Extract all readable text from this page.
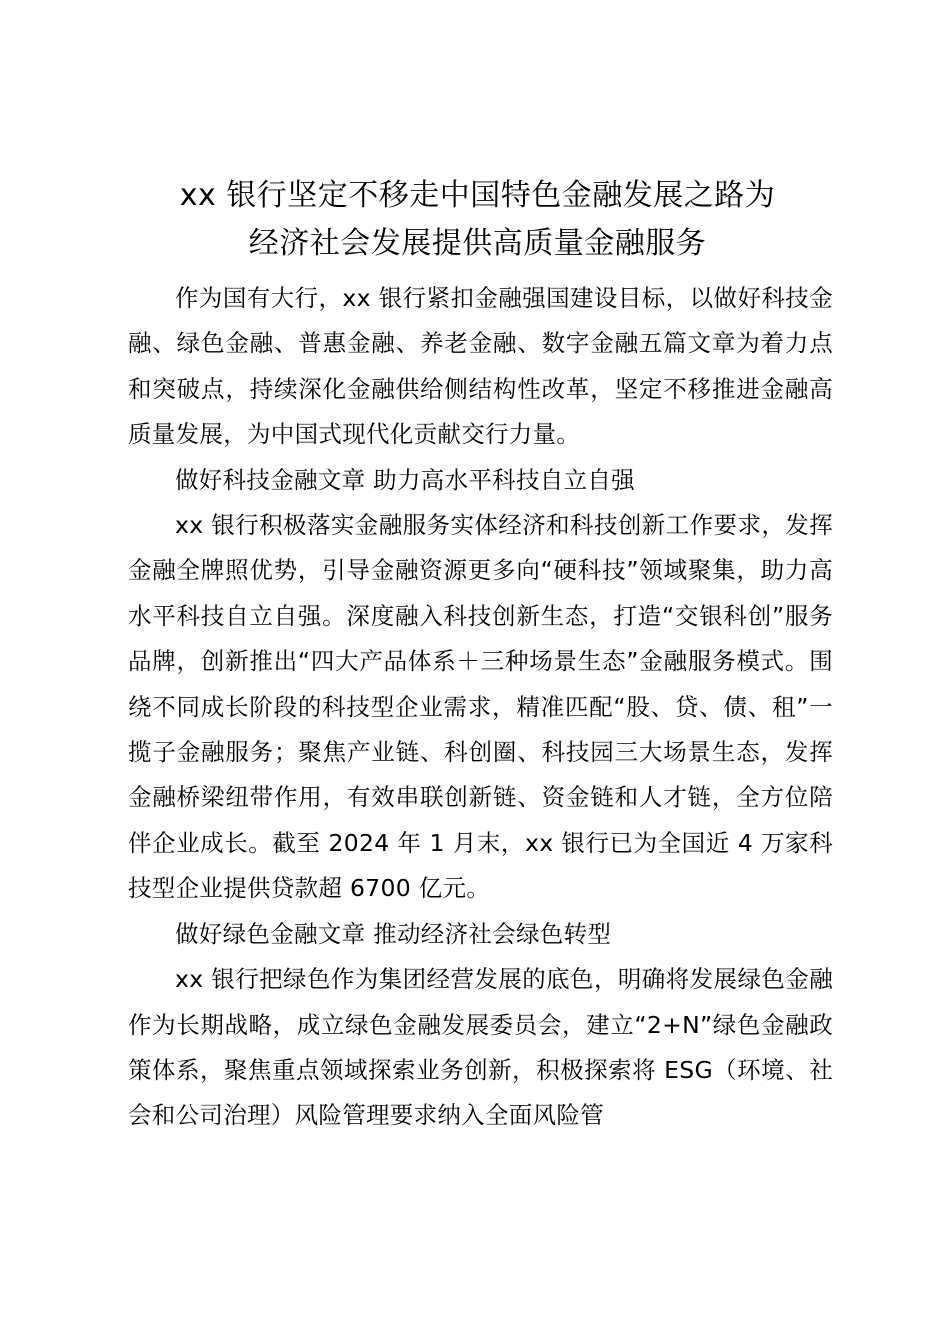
xx 银行坚定不移走中国特色金融发展之路为
经济社会发展提供高质量金融服务

作为国有大行，xx 银行紧扣金融强国建设目标，以做好科技金融、绿色金融、普惠金融、养老金融、数字金融五篇文章为着力点和突破点，持续深化金融供给侧结构性改革，坚定不移推进金融高质量发展，为中国式现代化贡献交行力量。

做好科技金融文章 助力高水平科技自立自强

xx 银行积极落实金融服务实体经济和科技创新工作要求，发挥金融全牌照优势，引导金融资源更多向“硬科技”领域聚集，助力高水平科技自立自强。深度融入科技创新生态，打造“交银科创”服务品牌，创新推出“四大产品体系＋三种场景生态”金融服务模式。围绕不同成长阶段的科技型企业需求，精准匹配“股、贷、债、租”一揽子金融服务；聚焦产业链、科创圈、科技园三大场景生态，发挥金融桥梁纽带作用，有效串联创新链、资金链和人才链，全方位陪伴企业成长。截至 2024 年 1 月末，xx 银行已为全国近 4 万家科技型企业提供贷款超 6700 亿元。

做好绿色金融文章 推动经济社会绿色转型

xx 银行把绿色作为集团经营发展的底色，明确将发展绿色金融作为长期战略，成立绿色金融发展委员会，建立“2+N”绿色金融政策体系，聚焦重点领域探索业务创新，积极探索将 ESG（环境、社会和公司治理）风险管理要求纳入全面风险管
